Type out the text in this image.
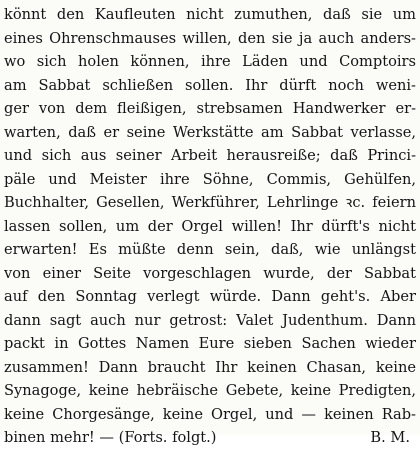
könnt den Kaufleuten nicht zumuthen, daß sie um
eines Ohrenschmauses willen, den sie ja auch anders-
wo sich holen können, ihre Läden und Comptoirs
am Sabbat schließen sollen. Ihr dürft noch weni-
ger von dem fleißigen, strebsamen Handwerker er-
warten, daß er seine Werkstätte am Sabbat verlasse,
und sich aus seiner Arbeit herausreiße; daß Princi-
päle und Meister ihre Söhne, Commis, Gehülfen,
Buchhalter, Gesellen, Werkführer, Lehrlinge ꝛc. feiern
lassen sollen, um der Orgel willen! Ihr dürft's nicht
erwarten! Es müßte denn sein, daß, wie unlängst
von einer Seite vorgeschlagen wurde, der Sabbat
auf den Sonntag verlegt würde. Dann geht's. Aber
dann sagt auch nur getrost: Valet Judenthum. Dann
packt in Gottes Namen Eure sieben Sachen wieder
zusammen! Dann braucht Ihr keinen Chasan, keine
Synagoge, keine hebräische Gebete, keine Predigten,
keine Chorgesänge, keine Orgel, und — keinen Rab-
binen mehr! — (Forts. folgt.)	B. M.
